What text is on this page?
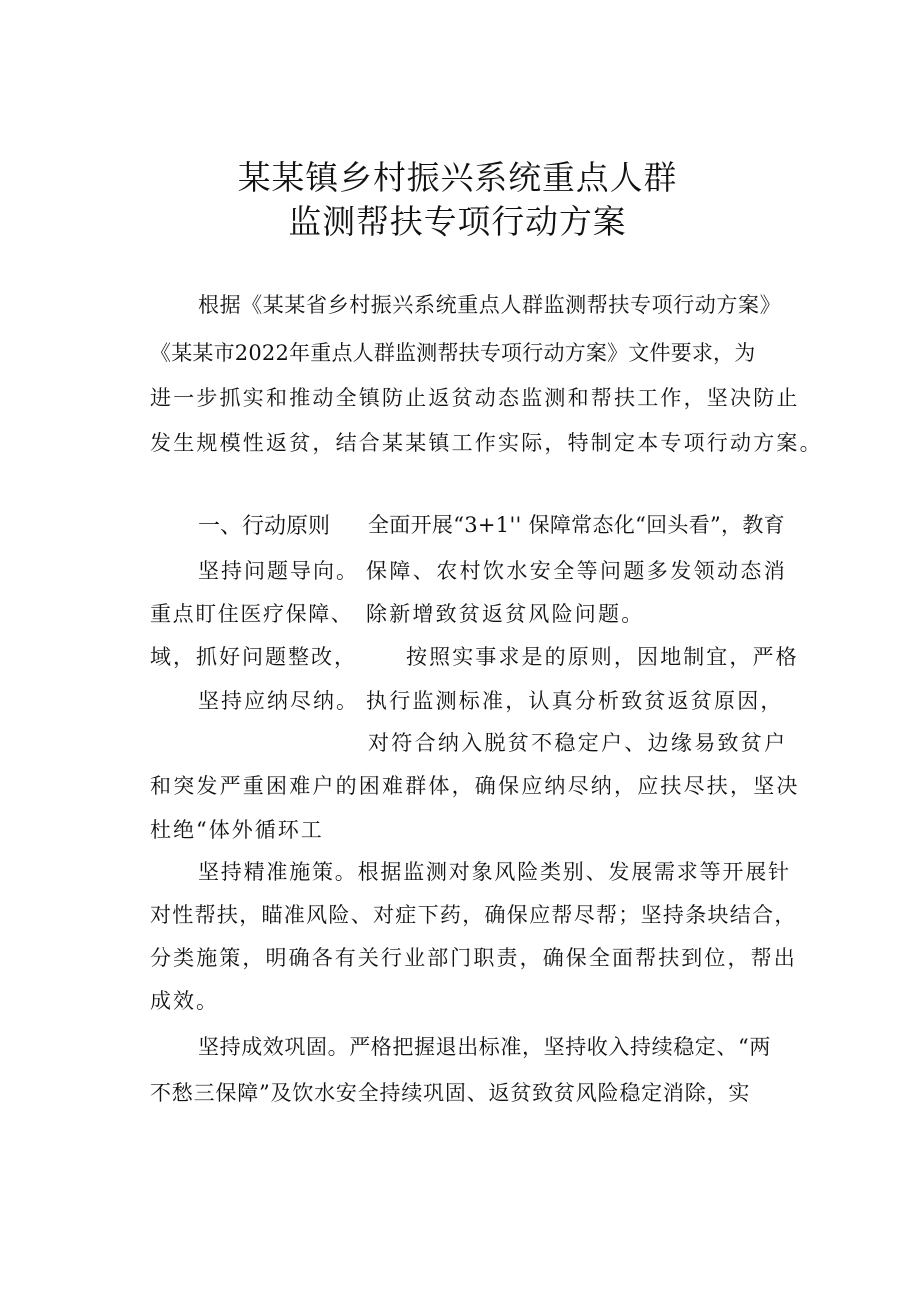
某某镇乡村振兴系统重点人群
监测帮扶专项行动方案
根据《某某省乡村振兴系统重点人群监测帮扶专项行动方案》
《某某市2022年重点人群监测帮扶专项行动方案》文件要求，为
进一步抓实和推动全镇防止返贫动态监测和帮扶工作，坚决防止
发生规模性返贫，结合某某镇工作实际，特制定本专项行动方案。
一、行动原则 全面开展“3+1'' 保障常态化“回头看”，教育
坚持问题导向。 保障、农村饮水安全等问题多发领动态消
重点盯住医疗保障、 除新增致贫返贫风险问题。
域，抓好问题整改， 按照实事求是的原则，因地制宜，严格
坚持应纳尽纳。 执行监测标准，认真分析致贫返贫原因，
对符合纳入脱贫不稳定户、边缘易致贫户
和突发严重困难户的困难群体，确保应纳尽纳，应扶尽扶，坚决
杜绝“体外循环工
坚持精准施策。根据监测对象风险类别、发展需求等开展针
对性帮扶，瞄准风险、对症下药，确保应帮尽帮；坚持条块结合，
分类施策，明确各有关行业部门职责，确保全面帮扶到位，帮出
成效。
坚持成效巩固。严格把握退出标准，坚持收入持续稳定、“两
不愁三保障”及饮水安全持续巩固、返贫致贫风险稳定消除，实
